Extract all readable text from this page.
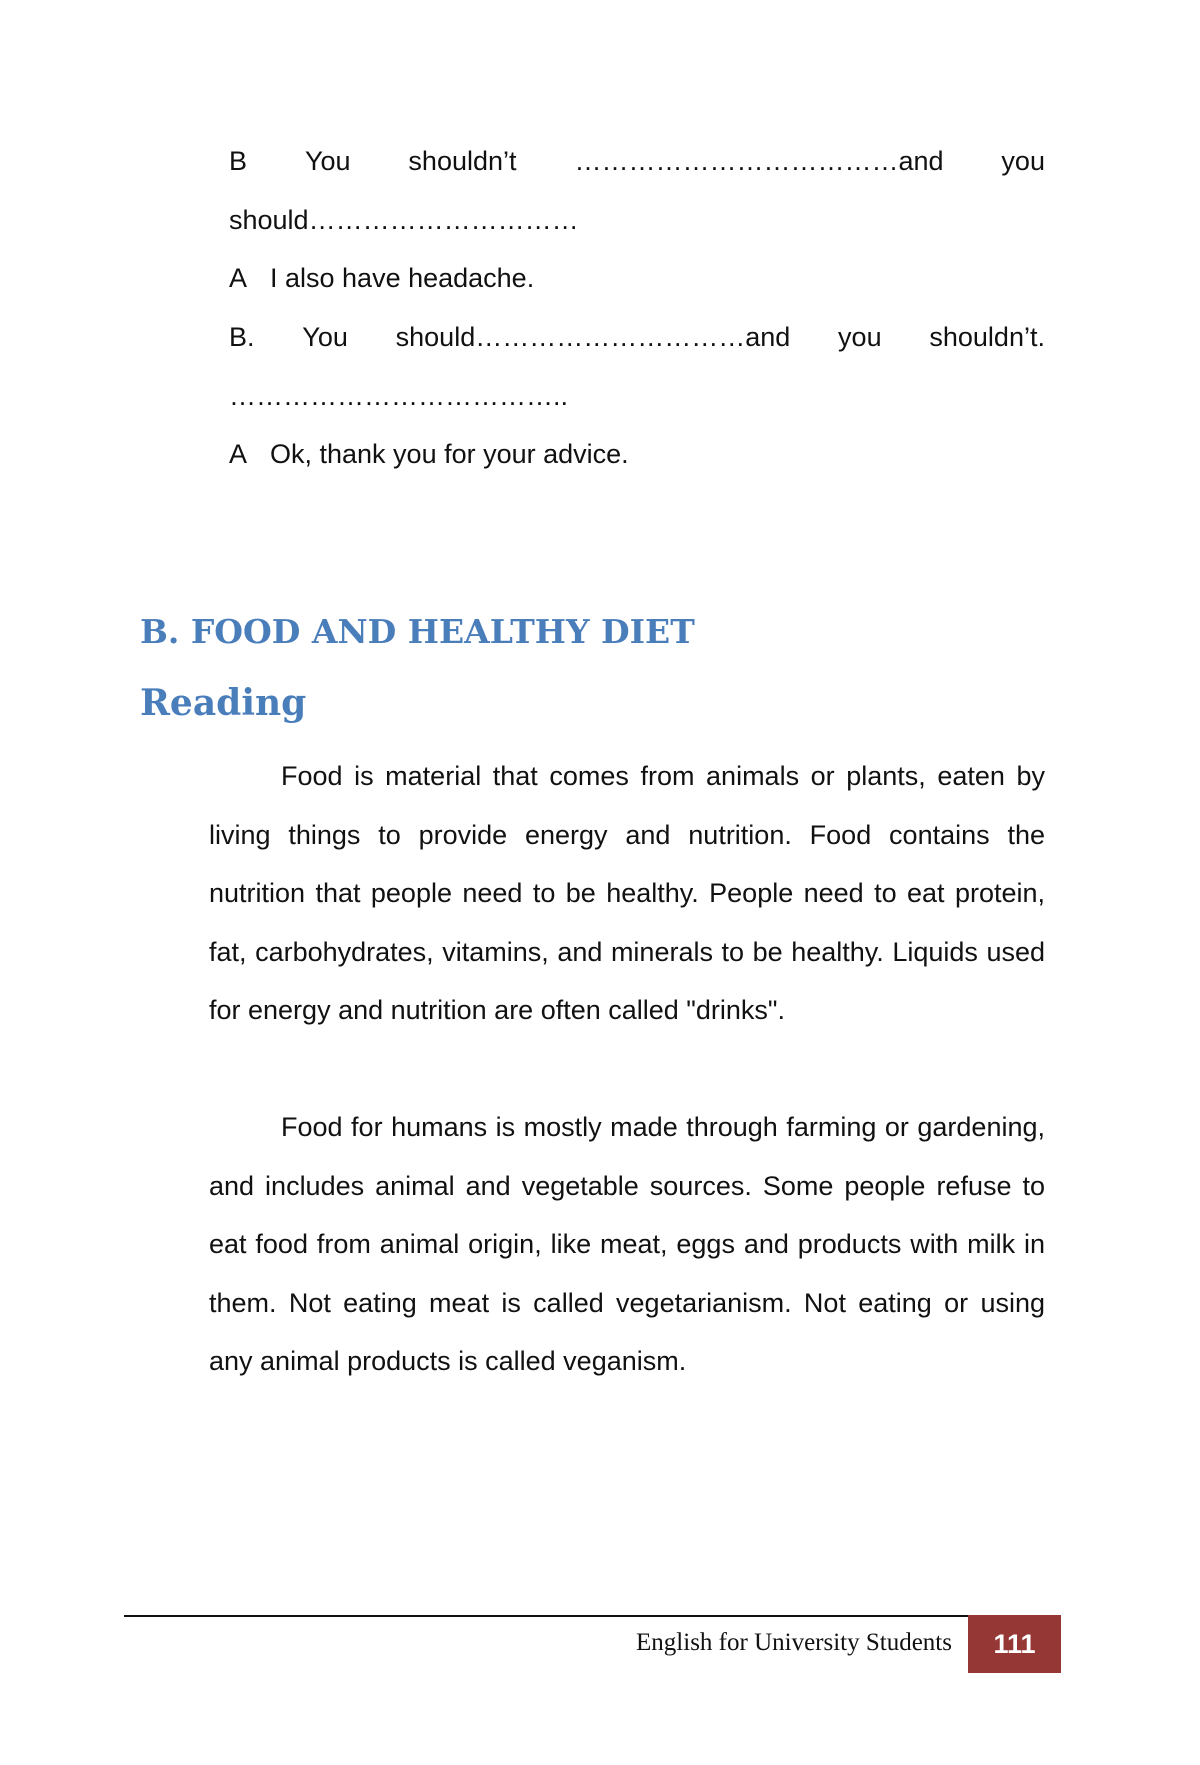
B You shouldn’t ………………………………and you
should…………………………
A I also have headache.
B. You should…………………………and you shouldn’t.
………………………………..
A Ok, thank you for your advice.
B. FOOD AND HEALTHY DIET
Reading

Food is material that comes from animals or plants, eaten by living things to provide energy and nutrition. Food contains the nutrition that people need to be healthy. People need to eat protein, fat, carbohydrates, vitamins, and minerals to be healthy. Liquids used for energy and nutrition are often called "drinks".

Food for humans is mostly made through farming or gardening, and includes animal and vegetable sources. Some people refuse to eat food from animal origin, like meat, eggs and products with milk in them. Not eating meat is called vegetarianism. Not eating or using any animal products is called veganism.

English for University Students	111
